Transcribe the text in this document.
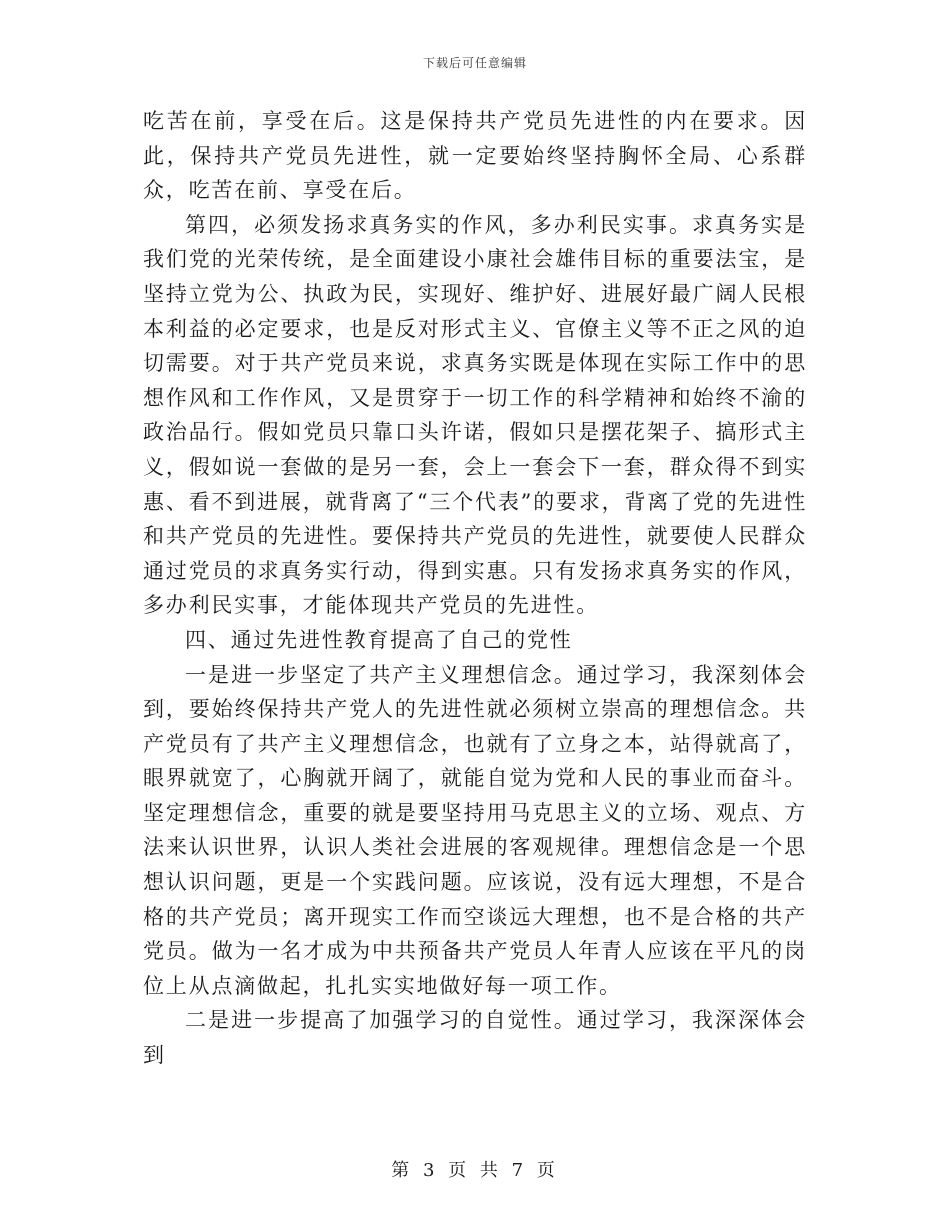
下载后可任意编辑

吃苦在前，享受在后。这是保持共产党员先进性的内在要求。因此，保持共产党员先进性，就一定要始终坚持胸怀全局、心系群众，吃苦在前、享受在后。

第四，必须发扬求真务实的作风，多办利民实事。求真务实是我们党的光荣传统，是全面建设小康社会雄伟目标的重要法宝，是坚持立党为公、执政为民，实现好、维护好、进展好最广阔人民根本利益的必定要求，也是反对形式主义、官僚主义等不正之风的迫切需要。对于共产党员来说，求真务实既是体现在实际工作中的思想作风和工作作风，又是贯穿于一切工作的科学精神和始终不渝的政治品行。假如党员只靠口头许诺，假如只是摆花架子、搞形式主义，假如说一套做的是另一套，会上一套会下一套，群众得不到实惠、看不到进展，就背离了“三个代表”的要求，背离了党的先进性和共产党员的先进性。要保持共产党员的先进性，就要使人民群众通过党员的求真务实行动，得到实惠。只有发扬求真务实的作风，多办利民实事，才能体现共产党员的先进性。

四、通过先进性教育提高了自己的党性

一是进一步坚定了共产主义理想信念。通过学习，我深刻体会到，要始终保持共产党人的先进性就必须树立崇高的理想信念。共产党员有了共产主义理想信念，也就有了立身之本，站得就高了，眼界就宽了，心胸就开阔了，就能自觉为党和人民的事业而奋斗。坚定理想信念，重要的就是要坚持用马克思主义的立场、观点、方法来认识世界，认识人类社会进展的客观规律。理想信念是一个思想认识问题，更是一个实践问题。应该说，没有远大理想，不是合格的共产党员；离开现实工作而空谈远大理想，也不是合格的共产党员。做为一名才成为中共预备共产党员人年青人应该在平凡的岗位上从点滴做起，扎扎实实地做好每一项工作。

二是进一步提高了加强学习的自觉性。通过学习，我深深体会到

第 3 页 共 7 页
